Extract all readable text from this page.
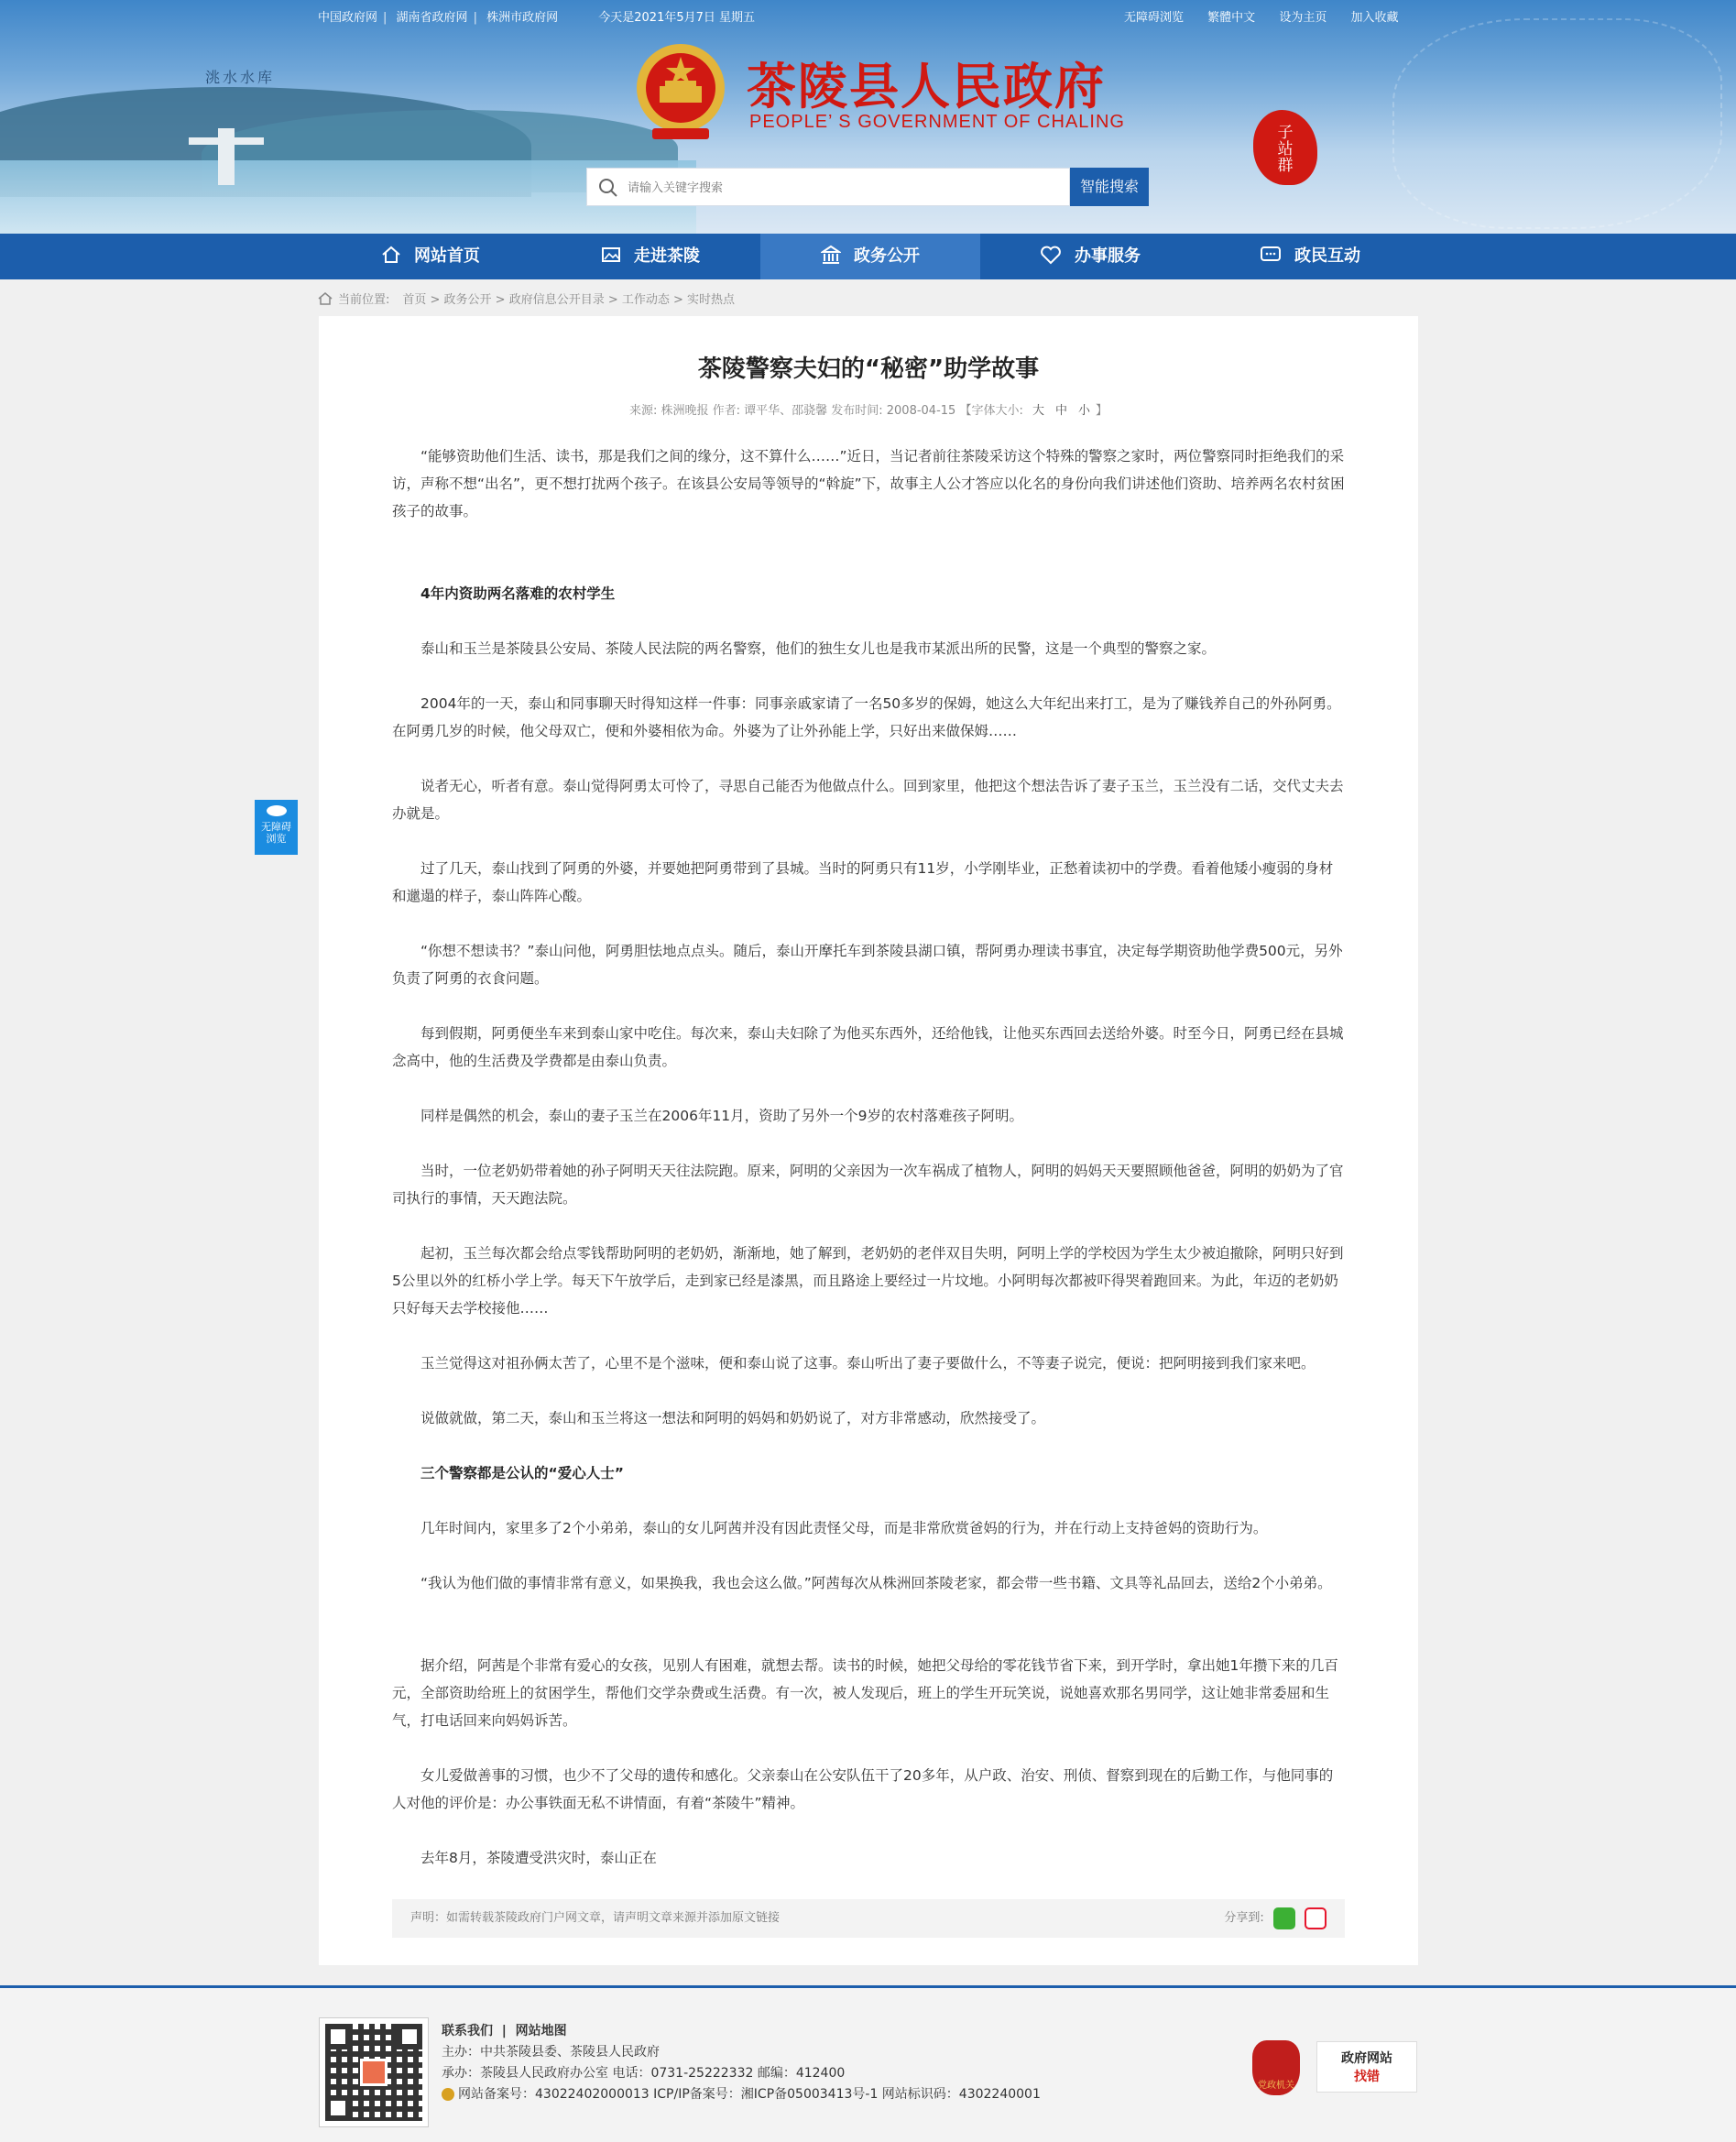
洮水水库
中国政府网 | 湖南省政府网 | 株洲市政府网	今天是2021年5月7日 星期五	无障碍浏览 繁體中文 设为主页 加入收藏
茶陵县人民政府
PEOPLE’ S GOVERNMENT OF CHALING
子
站
群
请输入关键字搜索
智能搜索
网站首页	走进茶陵	政务公开	办事服务	政民互动
当前位置: 首页 > 政务公开 > 政府信息公开目录 > 工作动态 > 实时热点
无障碍
浏览
茶陵警察夫妇的“秘密”助学故事
来源: 株洲晚报 作者: 谭平华、邵骁馨 发布时间: 2008-04-15 【字体大小: 大 中 小 】

“能够资助他们生活、读书，那是我们之间的缘分，这不算什么……”近日，当记者前往茶陵采访这个特殊的警察之家时，两位警察同时拒绝我们的采访，声称不想“出名”，更不想打扰两个孩子。在该县公安局等领导的“斡旋”下，故事主人公才答应以化名的身份向我们讲述他们资助、培养两名农村贫困孩子的故事。

4年内资助两名落难的农村学生

泰山和玉兰是茶陵县公安局、茶陵人民法院的两名警察，他们的独生女儿也是我市某派出所的民警，这是一个典型的警察之家。

2004年的一天，泰山和同事聊天时得知这样一件事：同事亲戚家请了一名50多岁的保姆，她这么大年纪出来打工，是为了赚钱养自己的外孙阿勇。在阿勇几岁的时候，他父母双亡，便和外婆相依为命。外婆为了让外孙能上学，只好出来做保姆……

说者无心，听者有意。泰山觉得阿勇太可怜了，寻思自己能否为他做点什么。回到家里，他把这个想法告诉了妻子玉兰，玉兰没有二话，交代丈夫去办就是。

过了几天，泰山找到了阿勇的外婆，并要她把阿勇带到了县城。当时的阿勇只有11岁，小学刚毕业，正愁着读初中的学费。看着他矮小瘦弱的身材和邋遢的样子，泰山阵阵心酸。

“你想不想读书？”泰山问他，阿勇胆怯地点点头。随后，泰山开摩托车到茶陵县湖口镇，帮阿勇办理读书事宜，决定每学期资助他学费500元，另外负责了阿勇的衣食问题。

每到假期，阿勇便坐车来到泰山家中吃住。每次来，泰山夫妇除了为他买东西外，还给他钱，让他买东西回去送给外婆。时至今日，阿勇已经在县城念高中，他的生活费及学费都是由泰山负责。

同样是偶然的机会，泰山的妻子玉兰在2006年11月，资助了另外一个9岁的农村落难孩子阿明。

当时，一位老奶奶带着她的孙子阿明天天往法院跑。原来，阿明的父亲因为一次车祸成了植物人，阿明的妈妈天天要照顾他爸爸，阿明的奶奶为了官司执行的事情，天天跑法院。

起初，玉兰每次都会给点零钱帮助阿明的老奶奶，渐渐地，她了解到，老奶奶的老伴双目失明，阿明上学的学校因为学生太少被迫撤除，阿明只好到5公里以外的红桥小学上学。每天下午放学后，走到家已经是漆黑，而且路途上要经过一片坟地。小阿明每次都被吓得哭着跑回来。为此，年迈的老奶奶只好每天去学校接他……

玉兰觉得这对祖孙俩太苦了，心里不是个滋味，便和泰山说了这事。泰山听出了妻子要做什么，不等妻子说完，便说：把阿明接到我们家来吧。

说做就做，第二天，泰山和玉兰将这一想法和阿明的妈妈和奶奶说了，对方非常感动，欣然接受了。

三个警察都是公认的“爱心人士”

几年时间内，家里多了2个小弟弟，泰山的女儿阿茜并没有因此责怪父母，而是非常欣赏爸妈的行为，并在行动上支持爸妈的资助行为。

“我认为他们做的事情非常有意义，如果换我，我也会这么做。”阿茜每次从株洲回茶陵老家，都会带一些书籍、文具等礼品回去，送给2个小弟弟。

据介绍，阿茜是个非常有爱心的女孩，见别人有困难，就想去帮。读书的时候，她把父母给的零花钱节省下来，到开学时，拿出她1年攒下来的几百元，全部资助给班上的贫困学生，帮他们交学杂费或生活费。有一次，被人发现后，班上的学生开玩笑说，说她喜欢那名男同学，这让她非常委屈和生气，打电话回来向妈妈诉苦。

女儿爱做善事的习惯，也少不了父母的遗传和感化。父亲泰山在公安队伍干了20多年，从户政、治安、刑侦、督察到现在的后勤工作，与他同事的人对他的评价是：办公事铁面无私不讲情面，有着“茶陵牛”精神。

去年8月，茶陵遭受洪灾时，泰山正在

声明：如需转载茶陵政府门户网文章，请声明文章来源并添加原文链接	分享到:
联系我们  |  网站地图
主办：中共茶陵县委、茶陵县人民政府
承办：茶陵县人民政府办公室 电话：0731-25222332 邮编：412400
网站备案号：43022402000013 ICP/IP备案号：湘ICP备05003413号-1 网站标识码：4302240001
党政机关
政府网站
找错
